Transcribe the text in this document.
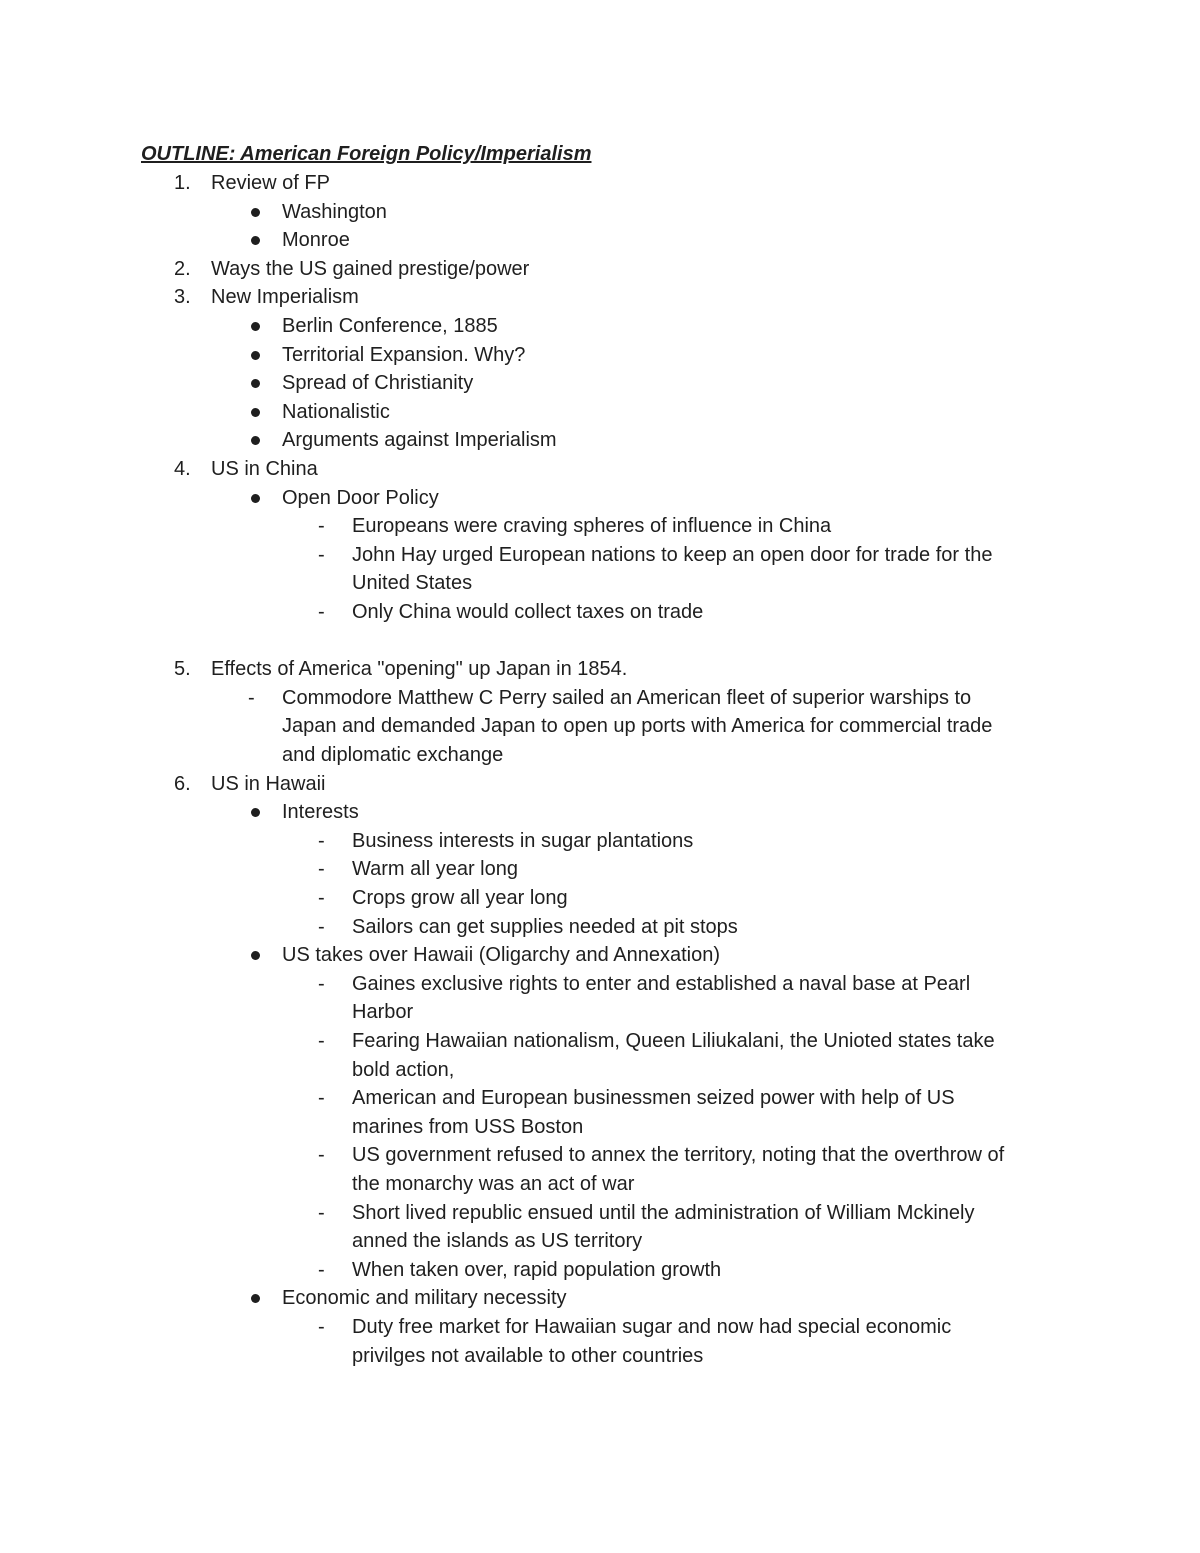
OUTLINE: American Foreign Policy/Imperialism
1.	Review of FP
Washington
Monroe
2.	Ways the US gained prestige/power
3.	New Imperialism
Berlin Conference, 1885
Territorial Expansion. Why?
Spread of Christianity
Nationalistic
Arguments against Imperialism
4.	US in China
Open Door Policy
-	Europeans were craving spheres of influence in China
-	John Hay urged European nations to keep an open door for trade for the
United States
-	Only China would collect taxes on trade
5.	Effects of America "opening" up Japan in 1854.
-	Commodore Matthew C Perry sailed an American fleet of superior warships to
Japan and demanded Japan to open up ports with America for commercial trade
and diplomatic exchange
6.	US in Hawaii
Interests
-	Business interests in sugar plantations
-	Warm all year long
-	Crops grow all year long
-	Sailors can get supplies needed at pit stops
US takes over Hawaii (Oligarchy and Annexation)
-	Gaines exclusive rights to enter and established a naval base at Pearl
Harbor
-	Fearing Hawaiian nationalism, Queen Liliukalani, the Unioted states take
bold action,
-	American and European businessmen seized power with help of US
marines from USS Boston
-	US government refused to annex the territory, noting that the overthrow of
the monarchy was an act of war
-	Short lived republic ensued until the administration of William Mckinely
anned the islands as US territory
-	When taken over, rapid population growth
Economic and military necessity
-	Duty free market for Hawaiian sugar and now had special economic
privilges not available to other countries
